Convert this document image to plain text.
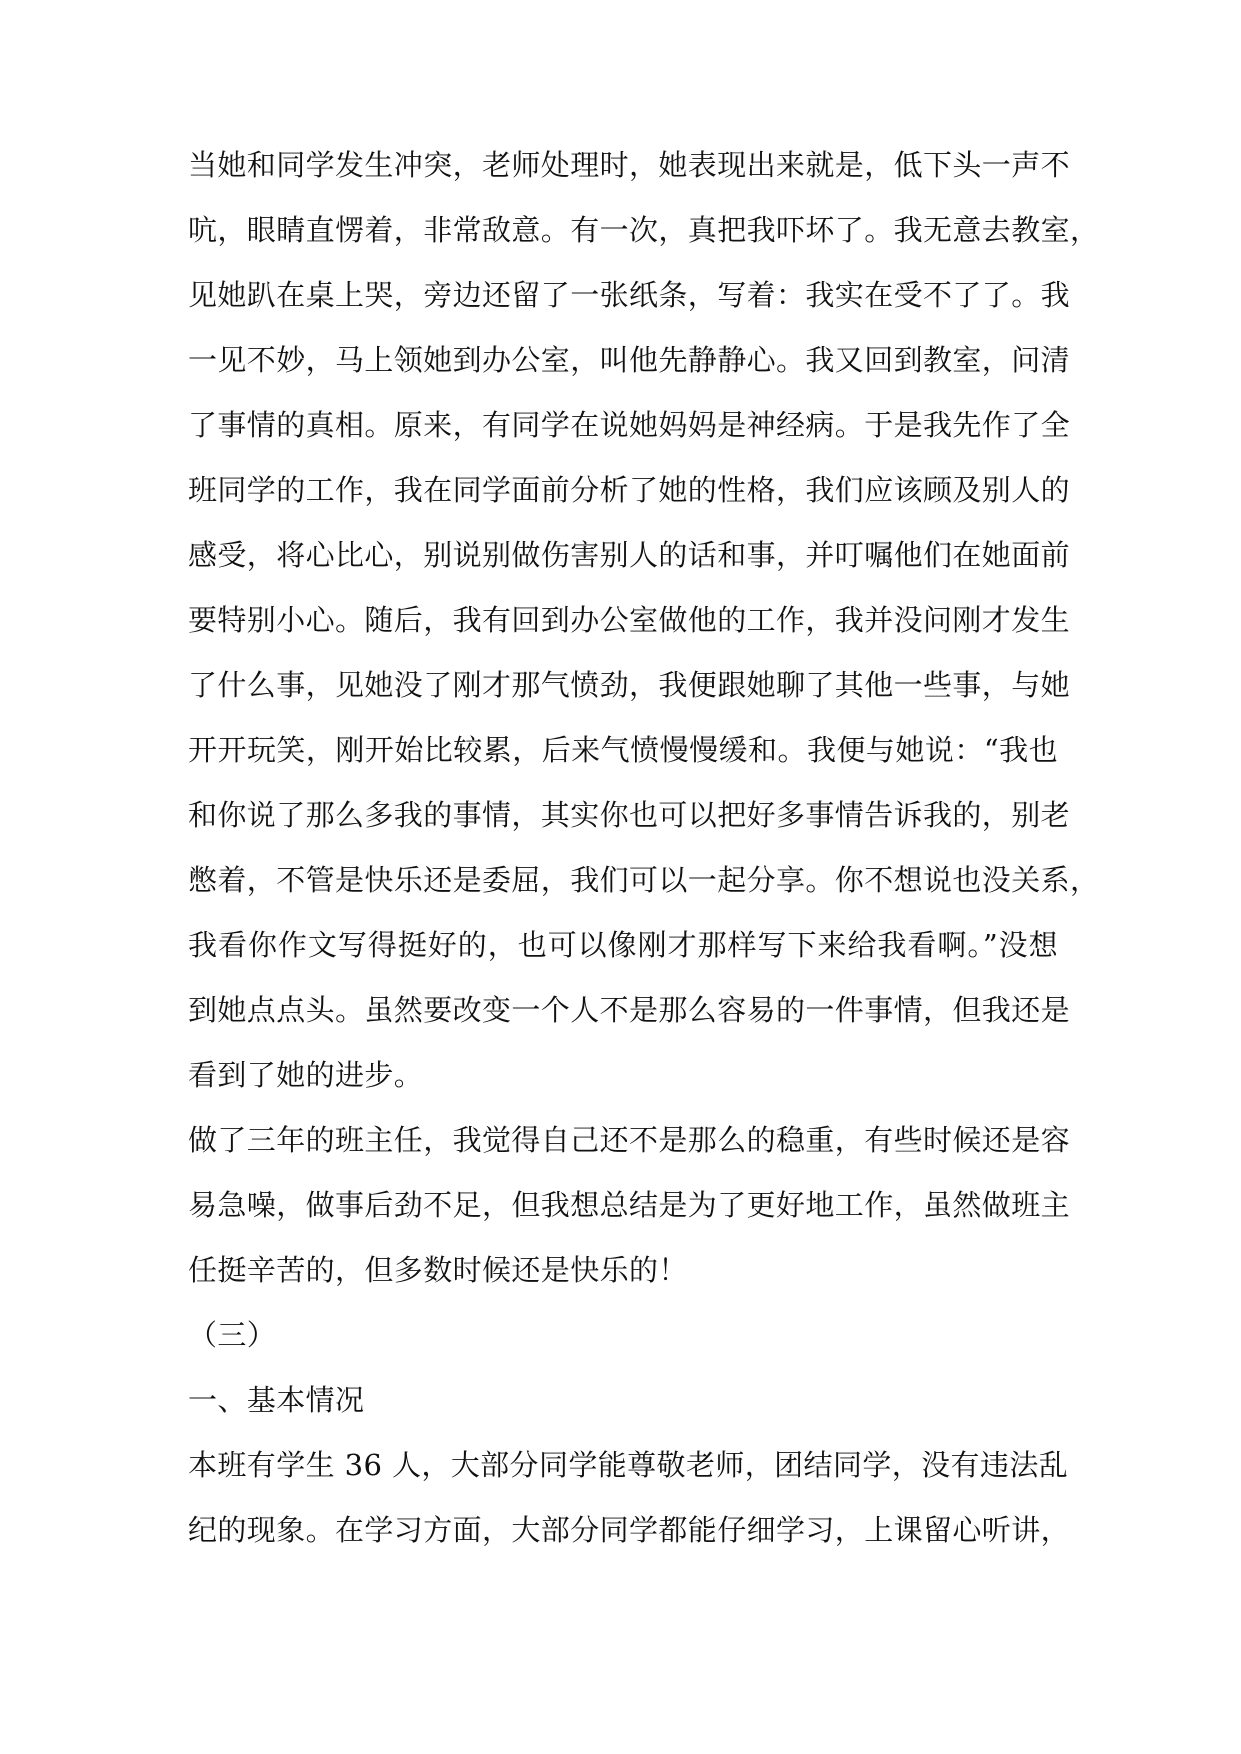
当她和同学发生冲突，老师处理时，她表现出来就是，低下头一声不

吭，眼睛直愣着，非常敌意。有一次，真把我吓坏了。我无意去教室，

见她趴在桌上哭，旁边还留了一张纸条，写着：我实在受不了了。我

一见不妙，马上领她到办公室，叫他先静静心。我又回到教室，问清

了事情的真相。原来，有同学在说她妈妈是神经病。于是我先作了全

班同学的工作，我在同学面前分析了她的性格，我们应该顾及别人的

感受，将心比心，别说别做伤害别人的话和事，并叮嘱他们在她面前

要特别小心。随后，我有回到办公室做他的工作，我并没问刚才发生

了什么事，见她没了刚才那气愤劲，我便跟她聊了其他一些事，与她

开开玩笑，刚开始比较累，后来气愤慢慢缓和。我便与她说：“我也

和你说了那么多我的事情，其实你也可以把好多事情告诉我的，别老

憋着，不管是快乐还是委屈，我们可以一起分享。你不想说也没关系，

我看你作文写得挺好的，也可以像刚才那样写下来给我看啊。”没想

到她点点头。虽然要改变一个人不是那么容易的一件事情，但我还是

看到了她的进步。

做了三年的班主任，我觉得自己还不是那么的稳重，有些时候还是容

易急噪，做事后劲不足，但我想总结是为了更好地工作，虽然做班主

任挺辛苦的，但多数时候还是快乐的！

（三）

一、基本情况

本班有学生 36 人，大部分同学能尊敬老师，团结同学，没有违法乱

纪的现象。在学习方面，大部分同学都能仔细学习，上课留心听讲，
